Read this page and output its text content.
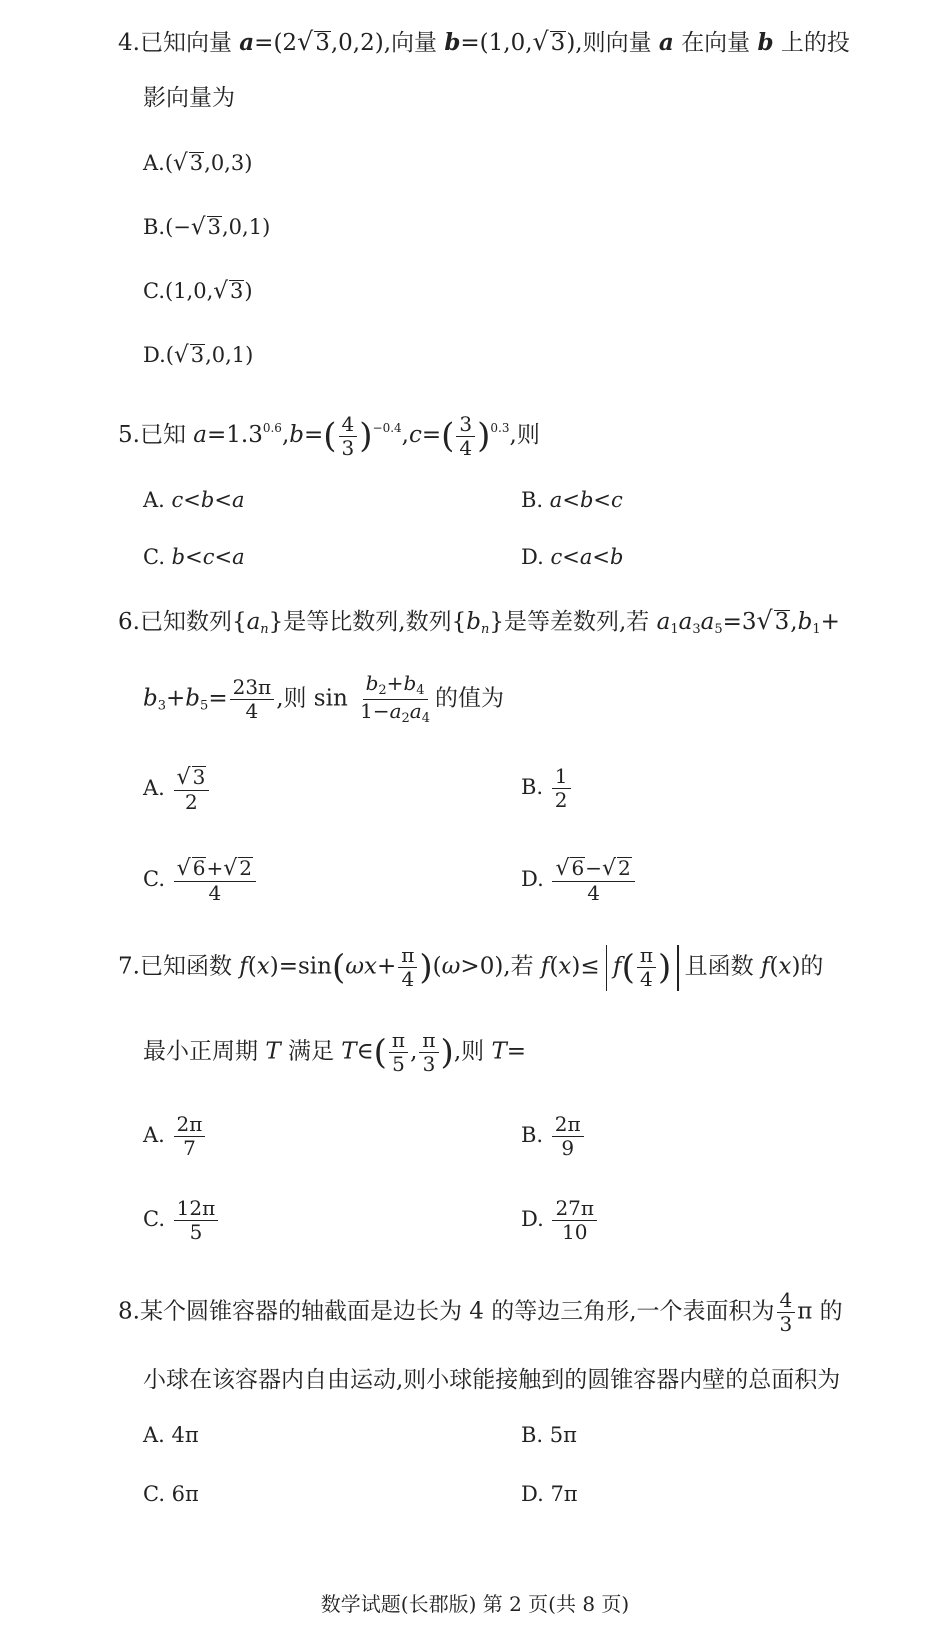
4.已知向量 a=(2√3,0,2),向量 b=(1,0,√3),则向量 a 在向量 b 上的投
影向量为
A.(√3,0,3)
B.(−√3,0,1)
C.(1,0,√3)
D.(√3,0,1)
5.已知 $a=1.3^{0.6},b=( \frac{4}{3} )^{-0.4},c=( \frac{3}{4} )^{0.3}$,则
A. c<b<a	B. a<b<c
C. b<c<a	D. c<a<b
6.已知数列$\{a_n\}$是等比数列,数列$\{b_n\}$是等差数列,若 $a_1a_3a_5=3√3,b_1+$
$b_3+b_5= \frac{23\pi}{4}$ ,则 $\sin \frac{b_2+b_4}{1-a_2a_4}$ 的值为
A. $\frac{√ 3}{2}$	B. $\frac{1}{2}$
C. $\frac{√ 6+√ 2}{4}$	D. $\frac{√ 6-√ 2}{4}$
7.已知函数 $f(x)=\sin(\omega x+ \frac{\pi}{4} )(\omega>0)$,若 $f(x)\le f( \frac{\pi}{4}$ ) 且函数 f(x)的
最小正周期 T 满足 T∈( $\frac{\pi}{5}$ , $\frac{\pi}{3}$ ),则 T=
A. $\frac{2\pi}{7}$	B. $\frac{2\pi}{9}$
C. $\frac{12\pi}{5}$	D. $\frac{27\pi}{10}$
8.某个圆锥容器的轴截面是边长为 4 的等边三角形,一个表面积为 $\frac{4}{3}$ π 的
小球在该容器内自由运动,则小球能接触到的圆锥容器内壁的总面积为
A. 4π	B. 5π
C. 6π	D. 7π
数学试题(长郡版) 第 2 页(共 8 页)
